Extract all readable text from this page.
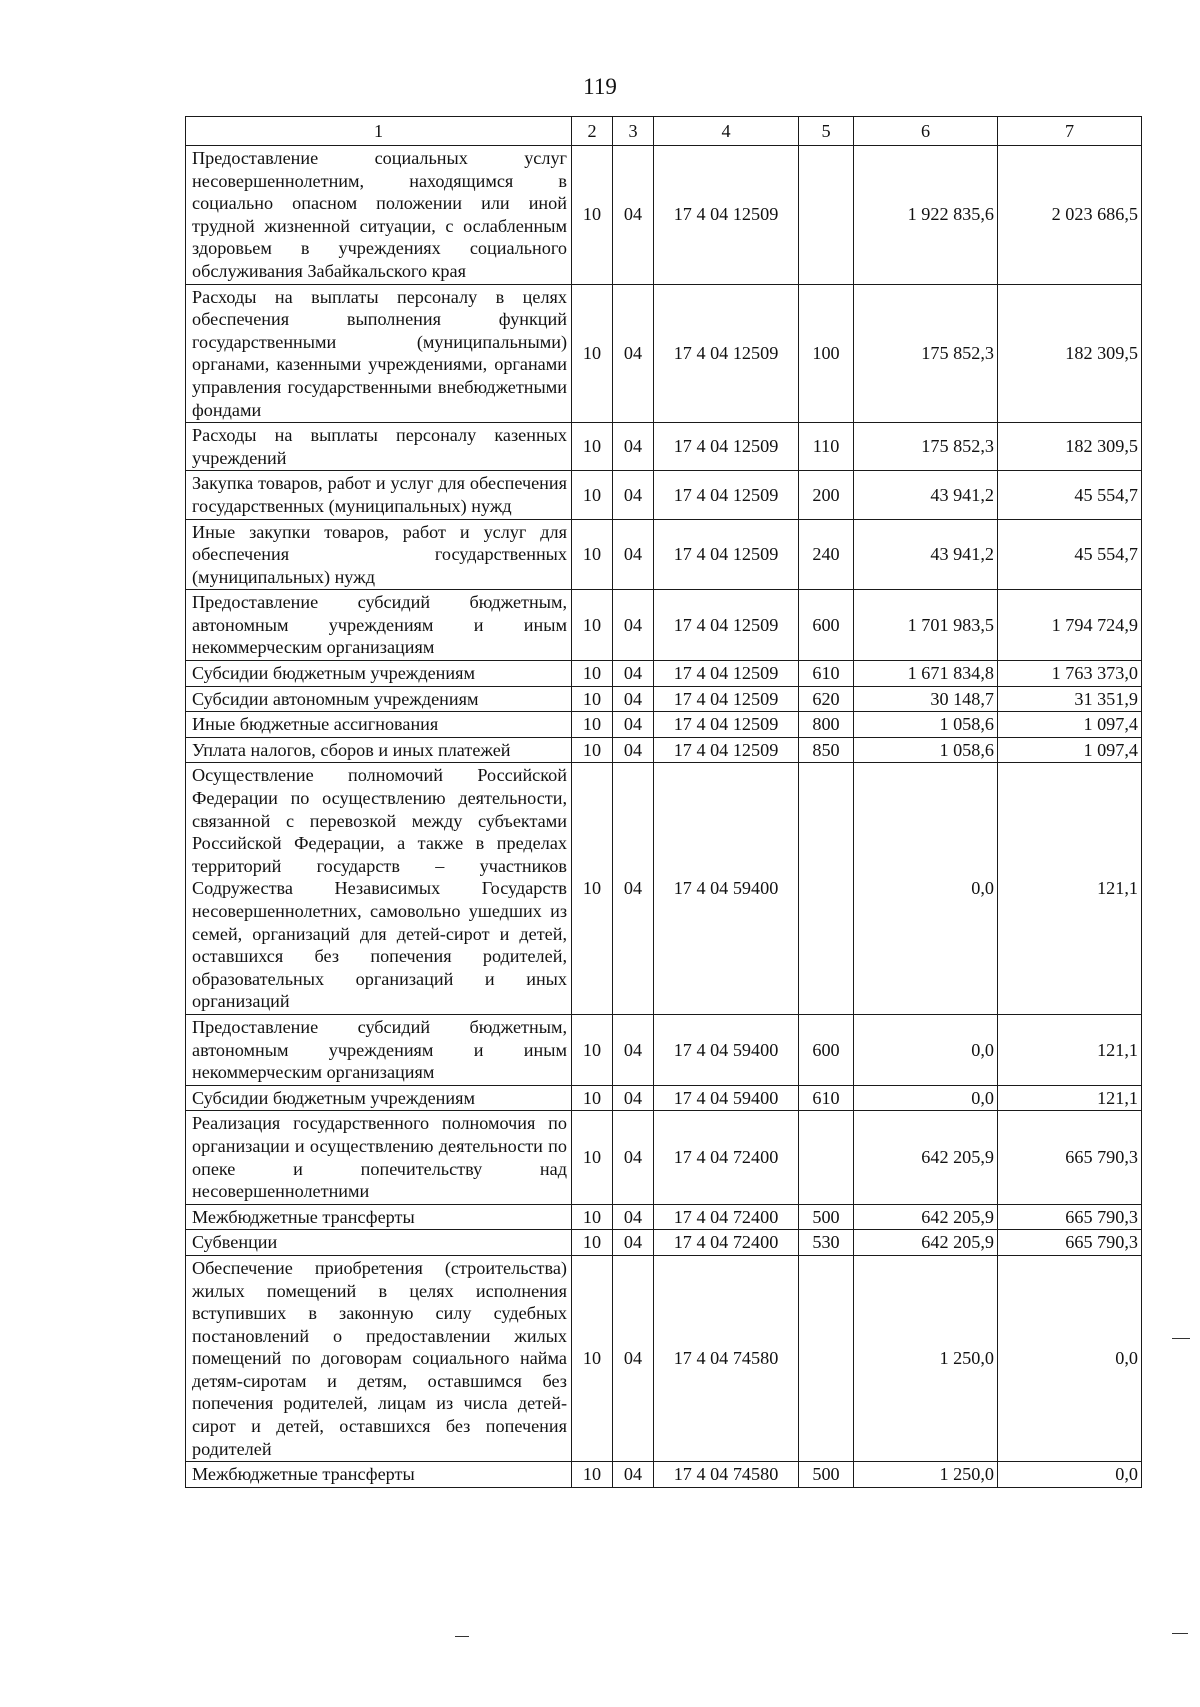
119
1	2	3	4	5	6	7
Предоставление социальных услуг несовершеннолетним, находящимся в социально опасном положении или иной трудной жизненной ситуации, с ослабленным здоровьем в учреждениях социального обслуживания Забайкальского края	10	04	17 4 04 12509		1 922 835,6	2 023 686,5
Расходы на выплаты персоналу в целях обеспечения выполнения функций государственными (муниципальными) органами, казенными учреждениями, органами управления государственными внебюджетными фондами	10	04	17 4 04 12509	100	175 852,3	182 309,5
Расходы на выплаты персоналу казенных учреждений	10	04	17 4 04 12509	110	175 852,3	182 309,5
Закупка товаров, работ и услуг для обеспечения государственных (муниципальных) нужд	10	04	17 4 04 12509	200	43 941,2	45 554,7
Иные закупки товаров, работ и услуг для обеспечения государственных (муниципальных) нужд	10	04	17 4 04 12509	240	43 941,2	45 554,7
Предоставление субсидий бюджетным, автономным учреждениям и иным некоммерческим организациям	10	04	17 4 04 12509	600	1 701 983,5	1 794 724,9
Субсидии бюджетным учреждениям	10	04	17 4 04 12509	610	1 671 834,8	1 763 373,0
Субсидии автономным учреждениям	10	04	17 4 04 12509	620	30 148,7	31 351,9
Иные бюджетные ассигнования	10	04	17 4 04 12509	800	1 058,6	1 097,4
Уплата налогов, сборов и иных платежей	10	04	17 4 04 12509	850	1 058,6	1 097,4
Осуществление полномочий Российской Федерации по осуществлению деятельности, связанной с перевозкой между субъектами Российской Федерации, а также в пределах территорий государств – участников Содружества Независимых Государств несовершеннолетних, самовольно ушедших из семей, организаций для детей-сирот и детей, оставшихся без попечения родителей, образовательных организаций и иных организаций	10	04	17 4 04 59400		0,0	121,1
Предоставление субсидий бюджетным, автономным учреждениям и иным некоммерческим организациям	10	04	17 4 04 59400	600	0,0	121,1
Субсидии бюджетным учреждениям	10	04	17 4 04 59400	610	0,0	121,1
Реализация государственного полномочия по организации и осуществлению деятельности по опеке и попечительству над несовершеннолетними	10	04	17 4 04 72400		642 205,9	665 790,3
Межбюджетные трансферты	10	04	17 4 04 72400	500	642 205,9	665 790,3
Субвенции	10	04	17 4 04 72400	530	642 205,9	665 790,3
Обеспечение приобретения (строительства) жилых помещений в целях исполнения вступивших в законную силу судебных постановлений о предоставлении жилых помещений по договорам социального найма детям-сиротам и детям, оставшимся без попечения родителей, лицам из числа детей-сирот и детей, оставшихся без попечения родителей	10	04	17 4 04 74580		1 250,0	0,0
Межбюджетные трансферты	10	04	17 4 04 74580	500	1 250,0	0,0
